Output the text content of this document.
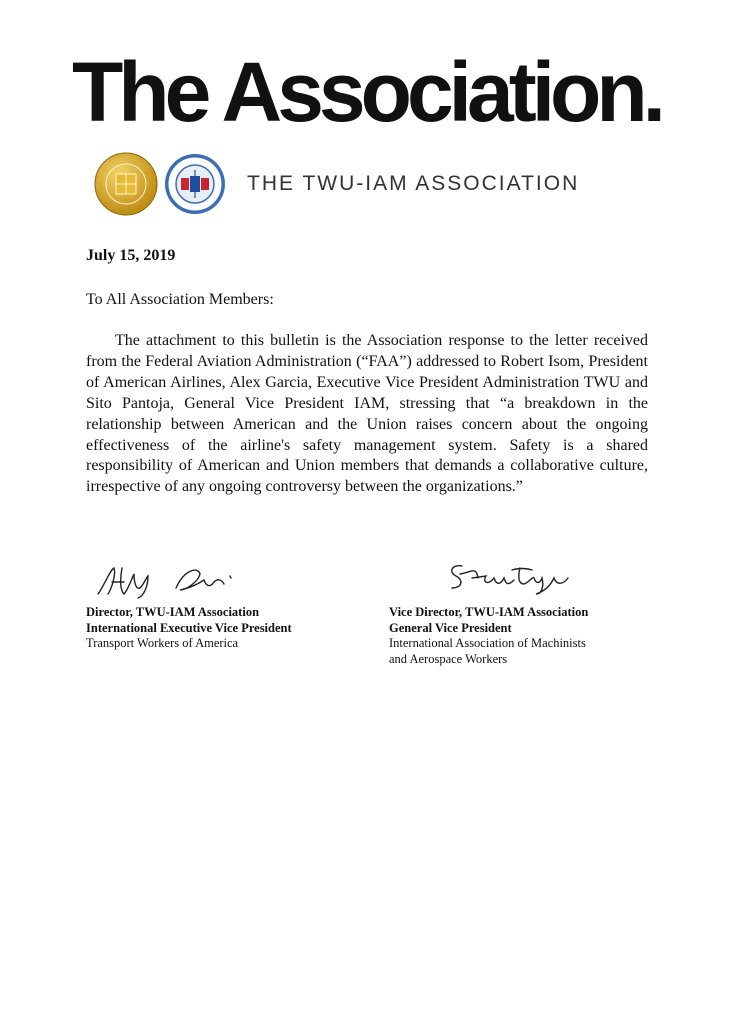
The Association.
THE TWU-IAM ASSOCIATION
July 15, 2019
To All Association Members:

The attachment to this bulletin is the Association response to the letter received from the Federal Aviation Administration (“FAA”) addressed to Robert Isom, President of American Airlines, Alex Garcia, Executive Vice President Administration TWU and Sito Pantoja, General Vice President IAM, stressing that “a breakdown in the relationship between American and the Union raises concern about the ongoing effectiveness of the airline's safety management system. Safety is a shared responsibility of American and Union members that demands a collaborative culture, irrespective of any ongoing controversy between the organizations.”

Director, TWU-IAM Association
International Executive Vice President
Transport Workers of America
Vice Director, TWU-IAM Association
General Vice President
International Association of Machinists
and Aerospace Workers
